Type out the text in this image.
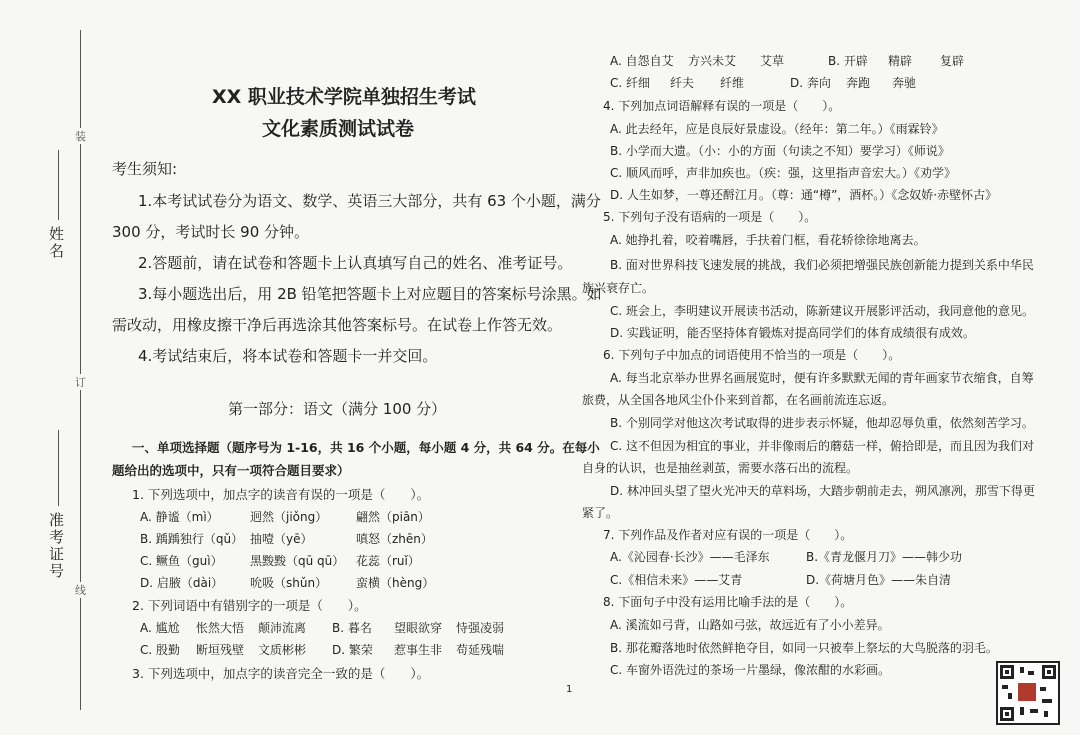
装
订
线
姓名
准考证号
XX 职业技术学院单独招生考试
文化素质测试试卷
考生须知:
1.本考试试卷分为语文、数学、英语三大部分，共有 63 个小题，满分
300 分，考试时长 90 分钟。
2.答题前，请在试卷和答题卡上认真填写自己的姓名、准考证号。
3.每小题选出后，用 2B 铅笔把答题卡上对应题目的答案标号涂黑。如
需改动，用橡皮擦干净后再选涂其他答案标号。在试卷上作答无效。
4.考试结束后，将本试卷和答题卡一并交回。
第一部分：语文（满分 100 分）
一、单项选择题（题序号为 1-16，共 16 个小题，每小题 4 分，共 64 分。在每小
题给出的选项中，只有一项符合题目要求）
1. 下列选项中，加点字的读音有误的一项是（　　）。
A. 静谧（mì）	迥然（jiǒng） 翩然（piān）
B. 踽踽独行（qǔ） 抽噎（yē）	嗔怒（zhēn）
C. 鳜鱼（guì） 黑黢黢（qū qū） 花蕊（ruǐ）
D. 启腋（dài） 吮吸（shǔn） 蛮横（hèng）
2. 下列词语中有错别字的一项是（　　）。
A. 尴尬 怅然大悟 颠沛流离 B. 暮名 望眼欲穿 恃强凌弱
C. 殷勤 断垣残壁 文质彬彬 D. 繁荣 惹事生非 苟延残喘
3. 下列选项中，加点字的读音完全一致的是（　　）。
A. 自怨自艾 方兴未艾 艾草	B. 开辟 精辟 复辟
C. 纤细 纤夫 纤维	D. 奔向 奔跑 奔驰
4. 下列加点词语解释有误的一项是（　　）。
A. 此去经年，应是良辰好景虚设。（经年：第二年。）《雨霖铃》
B. 小学而大遗。（小：小的方面（句读之不知）要学习）《师说》
C. 顺风而呼，声非加疾也。（疾：强，这里指声音宏大。）《劝学》
D. 人生如梦，一尊还酹江月。（尊：通“樽”，酒杯。）《念奴娇·赤壁怀古》
5. 下列句子没有语病的一项是（　　）。
A. 她挣扎着，咬着嘴唇，手扶着门框，看花轿徐徐地离去。
B. 面对世界科技飞速发展的挑战，我们必须把增强民族创新能力提到关系中华民
族兴衰存亡。
C. 班会上，李明建议开展读书活动，陈新建议开展影评活动，我同意他的意见。
D. 实践证明，能否坚持体育锻炼对提高同学们的体育成绩很有成效。
6. 下列句子中加点的词语使用不恰当的一项是（　　）。
A. 每当北京举办世界名画展览时，便有许多默默无闻的青年画家节衣缩食，自筹
旅费，从全国各地风尘仆仆来到首都，在名画前流连忘返。
B. 个别同学对他这次考试取得的进步表示怀疑，他却忍辱负重，依然刻苦学习。
C. 这不但因为相宜的事业，并非像雨后的蘑菇一样，俯拾即是，而且因为我们对
自身的认识，也是抽丝剥茧，需要水落石出的流程。
D. 林冲回头望了望火光冲天的草料场，大踏步朝前走去，朔风凛冽，那雪下得更
紧了。
7. 下列作品及作者对应有误的一项是（　　）。
A.《沁园春·长沙》——毛泽东	B.《青龙偃月刀》——韩少功
C.《相信未来》——艾青	D.《荷塘月色》——朱自清
8. 下面句子中没有运用比喻手法的是（　　）。
A. 溪流如弓背，山路如弓弦，故远近有了小小差异。
B. 那花瓣落地时依然鲜艳夺目，如同一只被奉上祭坛的大鸟脱落的羽毛。
C. 车窗外语洗过的茶场一片墨绿，像浓酣的水彩画。
1
